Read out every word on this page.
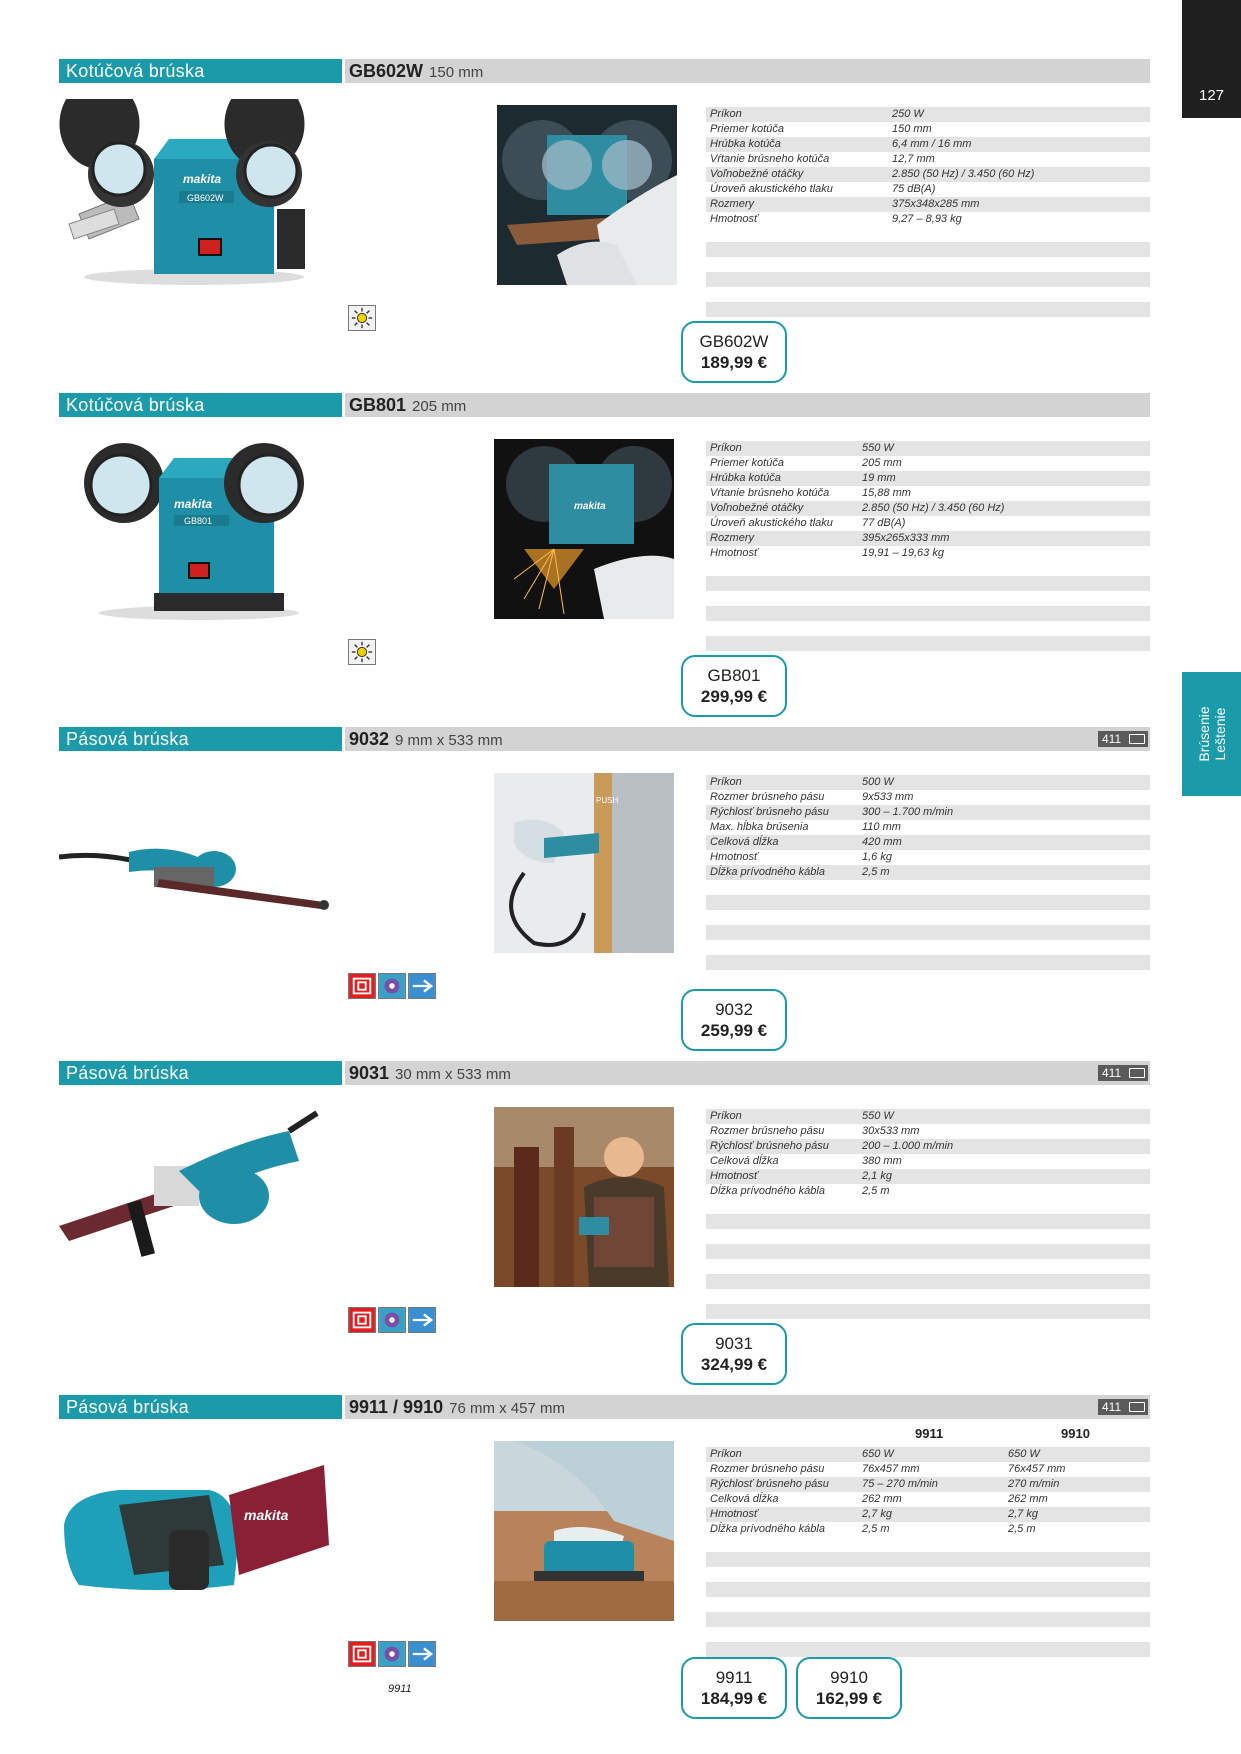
127
Brúsenie Leštenie
Kotúčová brúska	GB602W 150 mm
makita
GB602W
Príkon	250 W
Priemer kotúča	150 mm
Hrúbka kotúča	6,4 mm / 16 mm
Vŕtanie brúsneho kotúča	12,7 mm
Voľnobežné otáčky	2.850 (50 Hz) / 3.450 (60 Hz)
Úroveň akustického tlaku	75 dB(A)
Rozmery	375x348x285 mm
Hmotnosť	9,27 – 8,93 kg
GB602W
189,99 €
Kotúčová brúska	GB801 205 mm
makita
GB801
makita
Príkon	550 W
Priemer kotúča	205 mm
Hrúbka kotúča	19 mm
Vŕtanie brúsneho kotúča	15,88 mm
Voľnobežné otáčky	2.850 (50 Hz) / 3.450 (60 Hz)
Úroveň akustického tlaku	77 dB(A)
Rozmery	395x265x333 mm
Hmotnosť	19,91 – 19,63 kg
GB801
299,99 €
Pásová brúska	9032 9 mm x 533 mm	411
PUSH
Príkon	500 W
Rozmer brúsneho pásu	9x533 mm
Rýchlosť brúsneho pásu	300 – 1.700 m/min
Max. hĺbka brúsenia	110 mm
Celková dĺžka	420 mm
Hmotnosť	1,6 kg
Dĺžka prívodného kábla	2,5 m
9032
259,99 €
Pásová brúska	9031 30 mm x 533 mm	411
Príkon	550 W
Rozmer brúsneho pásu	30x533 mm
Rýchlosť brúsneho pásu	200 – 1.000 m/min
Celková dĺžka	380 mm
Hmotnosť	2,1 kg
Dĺžka prívodného kábla	2,5 m
9031
324,99 €
Pásová brúska	9911 / 9910 76 mm x 457 mm	411
makita
9911	9910
Príkon	650 W	650 W
Rozmer brúsneho pásu	76x457 mm	76x457 mm
Rýchlosť brúsneho pásu	75 – 270 m/min	270 m/min
Celková dĺžka	262 mm	262 mm
Hmotnosť	2,7 kg	2,7 kg
Dĺžka prívodného kábla	2,5 m	2,5 m
9911
9911
184,99 €
9910
162,99 €
